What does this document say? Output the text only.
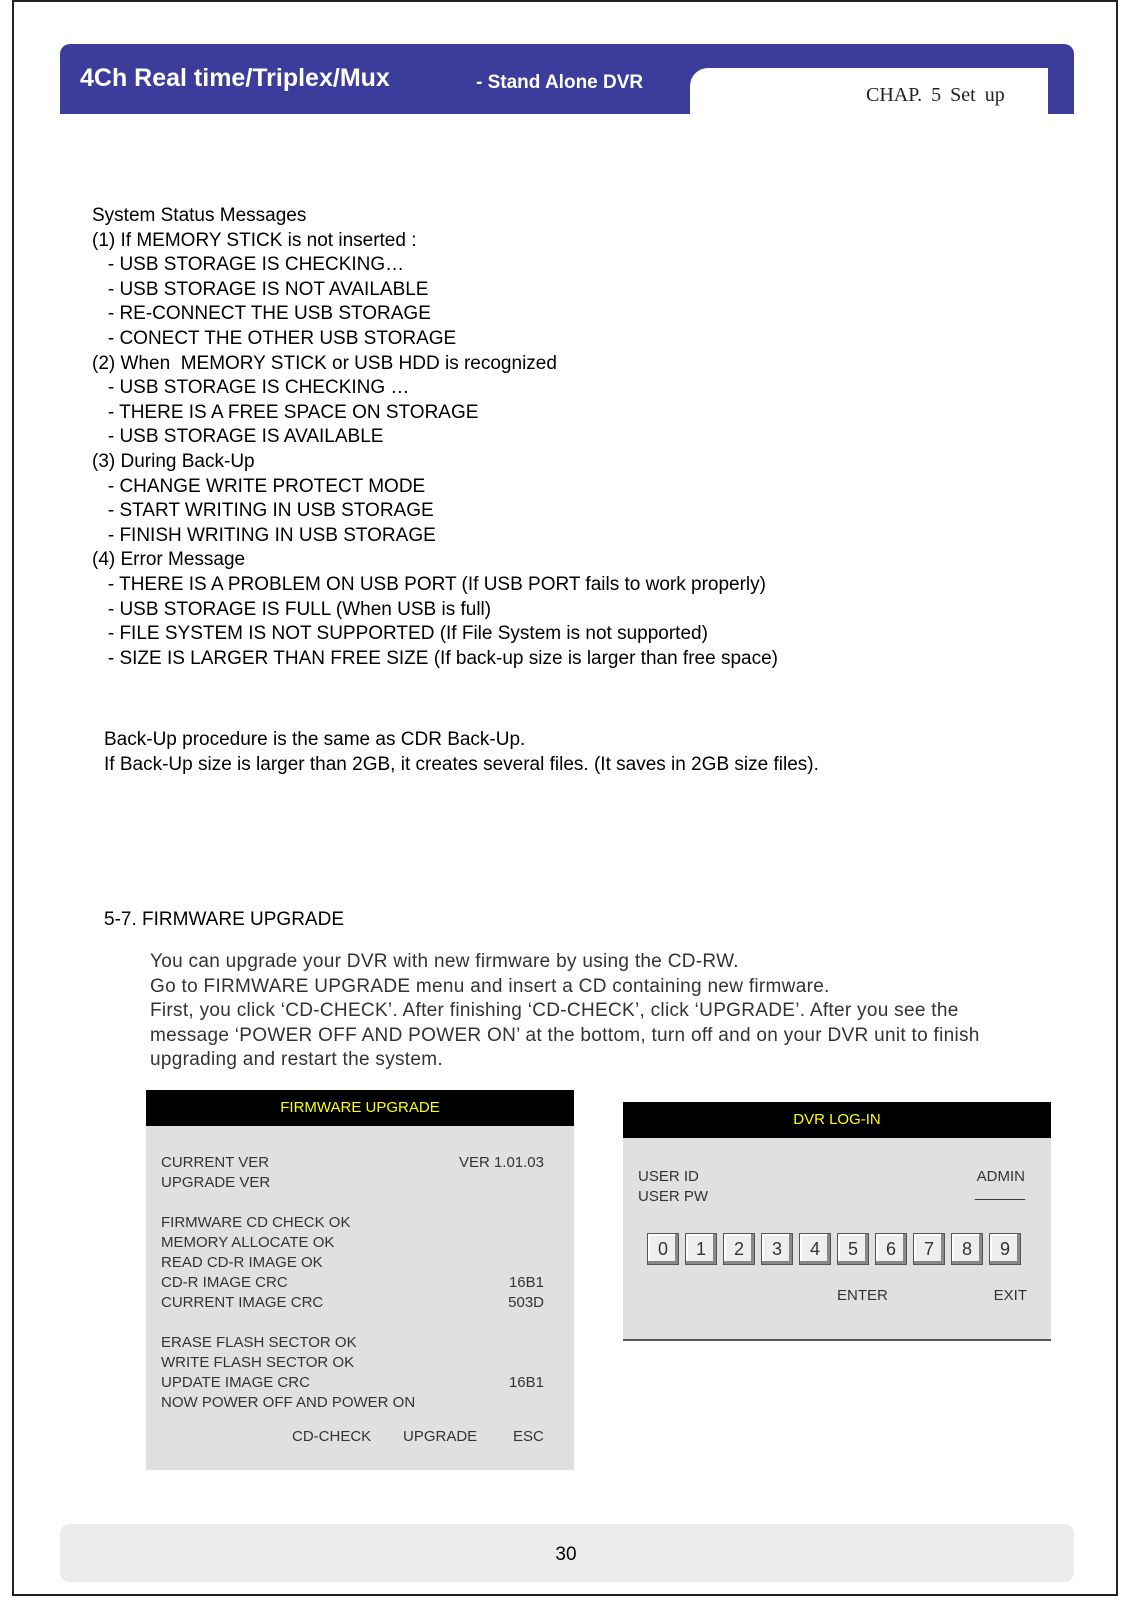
4Ch Real time/Triplex/Mux	- Stand Alone DVR
CHAP. 5 Set up
System Status Messages
(1) If MEMORY STICK is not inserted :
- USB STORAGE IS CHECKING…
- USB STORAGE IS NOT AVAILABLE
- RE-CONNECT THE USB STORAGE
- CONECT THE OTHER USB STORAGE
(2) When  MEMORY STICK or USB HDD is recognized
- USB STORAGE IS CHECKING …
- THERE IS A FREE SPACE ON STORAGE
- USB STORAGE IS AVAILABLE
(3) During Back-Up
- CHANGE WRITE PROTECT MODE
- START WRITING IN USB STORAGE
- FINISH WRITING IN USB STORAGE
(4) Error Message
- THERE IS A PROBLEM ON USB PORT (If USB PORT fails to work properly)
- USB STORAGE IS FULL (When USB is full)
- FILE SYSTEM IS NOT SUPPORTED (If File System is not supported)
- SIZE IS LARGER THAN FREE SIZE (If back-up size is larger than free space)
Back-Up procedure is the same as CDR Back-Up.
If Back-Up size is larger than 2GB, it creates several files. (It saves in 2GB size files).
5-7. FIRMWARE UPGRADE
You can upgrade your DVR with new firmware by using the CD-RW.
Go to FIRMWARE UPGRADE menu and insert a CD containing new firmware.
First, you click ‘CD-CHECK’. After finishing ‘CD-CHECK’, click ‘UPGRADE’. After you see the
message ‘POWER OFF AND POWER ON’ at the bottom, turn off and on your DVR unit to finish
upgrading and restart the system.
FIRMWARE UPGRADE
CURRENT VER	VER 1.01.03
UPGRADE VER
FIRMWARE CD CHECK OK
MEMORY ALLOCATE OK
READ CD-R IMAGE OK
CD-R IMAGE CRC	16B1
CURRENT IMAGE CRC	503D
ERASE FLASH SECTOR OK
WRITE FLASH SECTOR OK
UPDATE IMAGE CRC	16B1
NOW POWER OFF AND POWER ON
CD-CHECK UPGRADE ESC
DVR LOG-IN
USER ID	ADMIN
USER PW	______
0	1	2	3	4	5	6	7	8	9
ENTER	EXIT
30
